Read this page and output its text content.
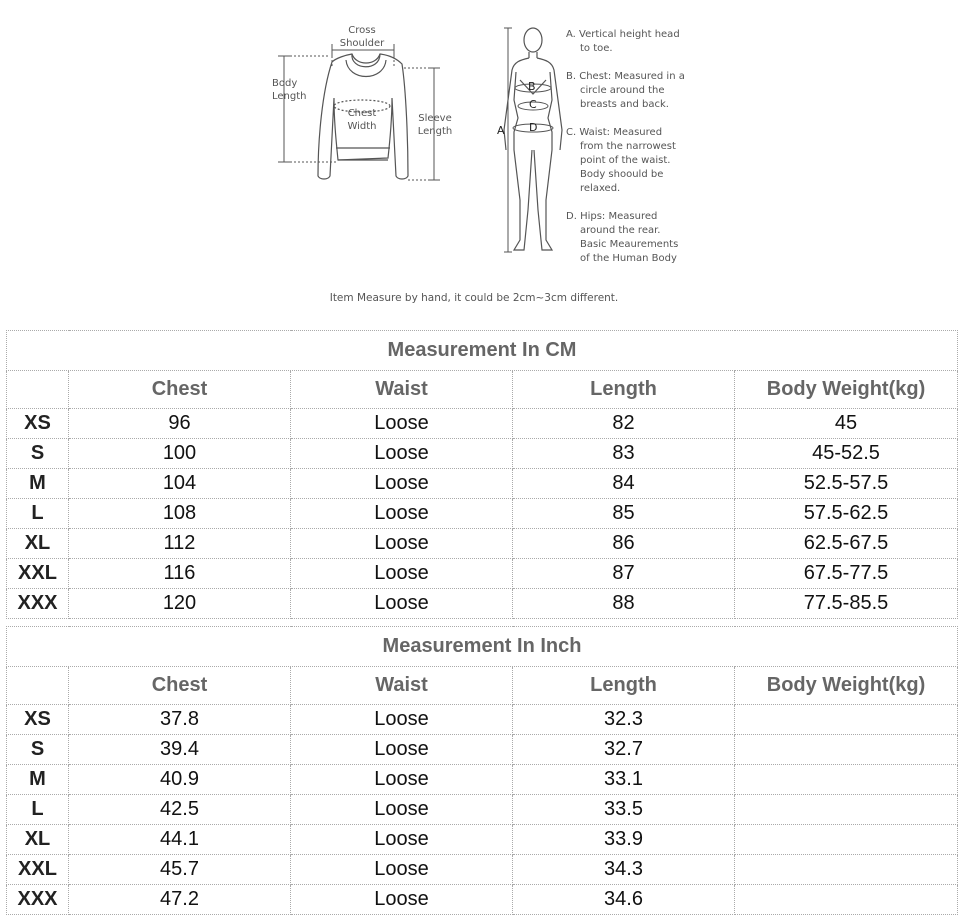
Cross
Shoulder
Body
Length
Chest
Width
Sleeve
Length	A
B
C
D
A. Vertical height head
to toe.
B. Chest: Measured in a
circle around the
breasts and back.
C. Waist: Measured
from the narrowest
point of the waist.
Body shoould be
relaxed.
D. Hips: Measured
around the rear.
Basic Meaurements
of the Human Body
Item Measure by hand, it could be 2cm~3cm different.
Measurement In CM				
	Chest	Waist	Length	Body Weight(kg)
XS	96	Loose	82	45
S	100	Loose	83	45-52.5
M	104	Loose	84	52.5-57.5
L	108	Loose	85	57.5-62.5
XL	112	Loose	86	62.5-67.5
XXL	116	Loose	87	67.5-77.5
XXX	120	Loose	88	77.5-85.5
Measurement In Inch				
	Chest	Waist	Length	Body Weight(kg)
XS	37.8	Loose	32.3	
S	39.4	Loose	32.7	
M	40.9	Loose	33.1	
L	42.5	Loose	33.5	
XL	44.1	Loose	33.9	
XXL	45.7	Loose	34.3	
XXX	47.2	Loose	34.6	
